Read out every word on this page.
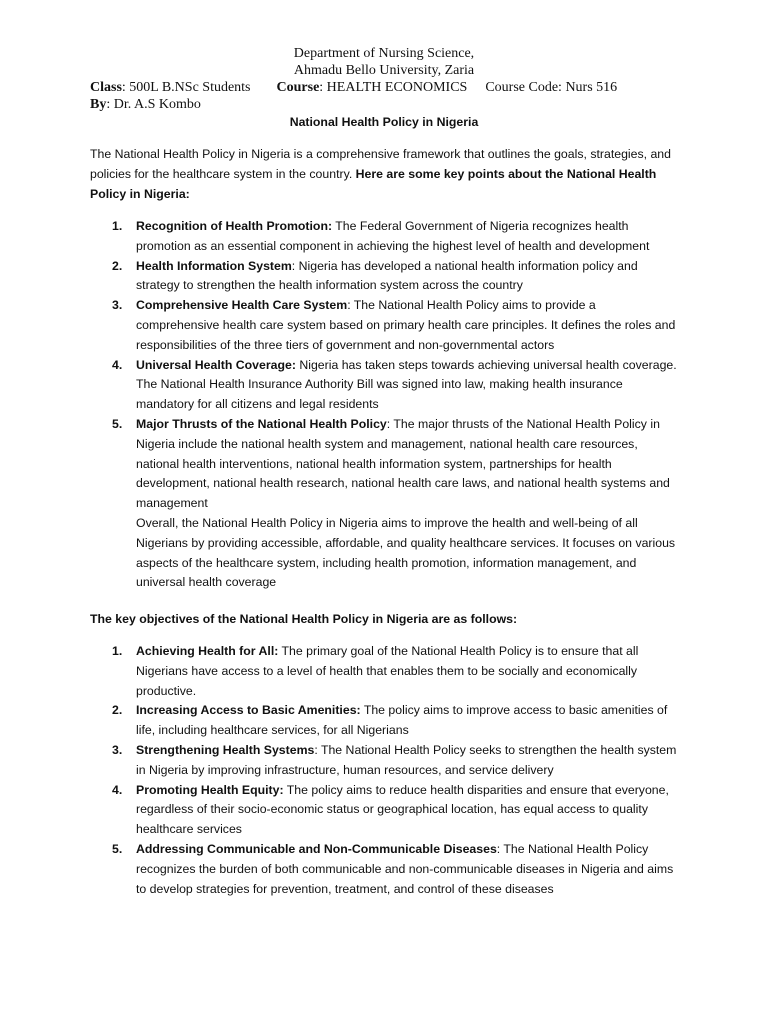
Department of Nursing Science,
Ahmadu Bello University, Zaria
Class: 500L B.NSc Students Course: HEALTH ECONOMICS Course Code: Nurs 516
By: Dr. A.S Kombo
National Health Policy in Nigeria

The National Health Policy in Nigeria is a comprehensive framework that outlines the goals, strategies, and policies for the healthcare system in the country. Here are some key points about the National Health Policy in Nigeria:

1. Recognition of Health Promotion: The Federal Government of Nigeria recognizes health promotion as an essential component in achieving the highest level of health and development
2. Health Information System: Nigeria has developed a national health information policy and strategy to strengthen the health information system across the country
3. Comprehensive Health Care System: The National Health Policy aims to provide a comprehensive health care system based on primary health care principles. It defines the roles and responsibilities of the three tiers of government and non-governmental actors
4. Universal Health Coverage: Nigeria has taken steps towards achieving universal health coverage. The National Health Insurance Authority Bill was signed into law, making health insurance mandatory for all citizens and legal residents
5. Major Thrusts of the National Health Policy: The major thrusts of the National Health Policy in Nigeria include the national health system and management, national health care resources, national health interventions, national health information system, partnerships for health development, national health research, national health care laws, and national health systems and management
Overall, the National Health Policy in Nigeria aims to improve the health and well-being of all Nigerians by providing accessible, affordable, and quality healthcare services. It focuses on various aspects of the healthcare system, including health promotion, information management, and universal health coverage

The key objectives of the National Health Policy in Nigeria are as follows:

1. Achieving Health for All: The primary goal of the National Health Policy is to ensure that all Nigerians have access to a level of health that enables them to be socially and economically productive.
2. Increasing Access to Basic Amenities: The policy aims to improve access to basic amenities of life, including healthcare services, for all Nigerians
3. Strengthening Health Systems: The National Health Policy seeks to strengthen the health system in Nigeria by improving infrastructure, human resources, and service delivery
4. Promoting Health Equity: The policy aims to reduce health disparities and ensure that everyone, regardless of their socio-economic status or geographical location, has equal access to quality healthcare services
5. Addressing Communicable and Non-Communicable Diseases: The National Health Policy recognizes the burden of both communicable and non-communicable diseases in Nigeria and aims to develop strategies for prevention, treatment, and control of these diseases
